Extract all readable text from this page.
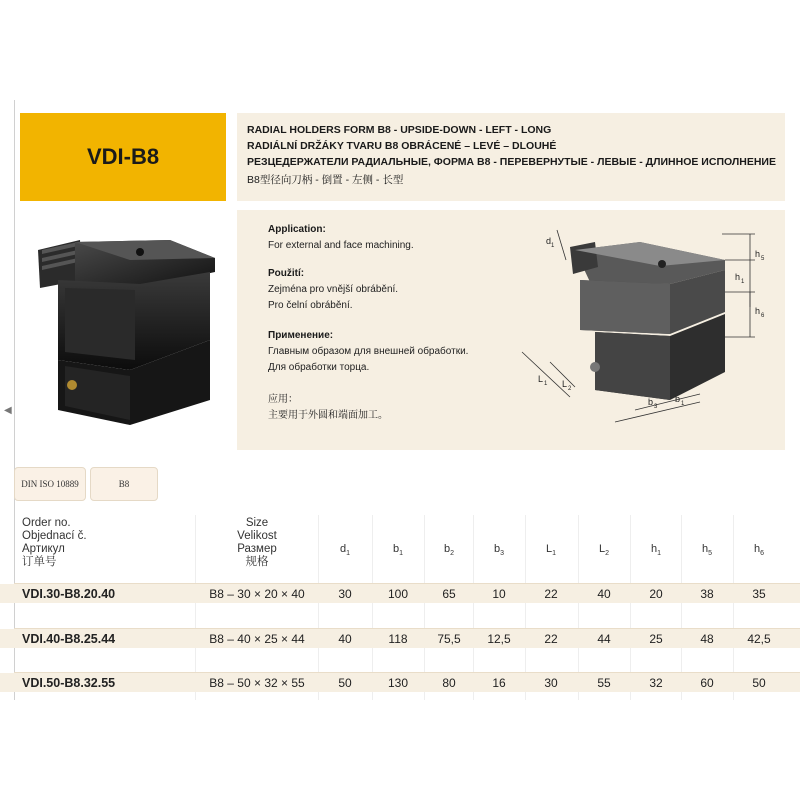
◀
VDI-B8
RADIAL HOLDERS FORM B8 - UPSIDE-DOWN - LEFT - LONG
RADIÁLNÍ DRŽÁKY TVARU B8 OBRÁCENÉ – LEVÉ – DLOUHÉ
РЕЗЦЕДЕРЖАТЕЛИ РАДИАЛЬНЫЕ, ФОРМА B8 - ПЕРЕВЕРНУТЫЕ - ЛЕВЫЕ - ДЛИННОЕ ИСПОЛНЕНИЕ
B8型径向刀柄 - 倒置 - 左侧 - 长型
Application:
For external and face machining.
Použití:
Zejména pro vnější obrábění.
Pro čelní obrábění.
Применение:
Главным образом для внешней обработки.
Для обработки торца.
应用：
主要用于外圆和端面加工。
d 1
h 5
h 1
h 6
L 1 L 2
b 3
b 1
DIN ISO 10889	B8
Order no.
Objednací č.
Артикул
订单号
Size
Velikost
Размер
规格
$d_1$	$b_1$	$b_2$	$b_3$	$L_1$	$L_2$	$h_1$	$h_5$	$h_6$
VDI.30-B8.20.40	B8 – 30 × 20 × 40	30	100	65	10	22	40	20	38	35
VDI.40-B8.25.44	B8 – 40 × 25 × 44	40	118	75,5	12,5	22	44	25	48	42,5
VDI.50-B8.32.55	B8 – 50 × 32 × 55	50	130	80	16	30	55	32	60	50
